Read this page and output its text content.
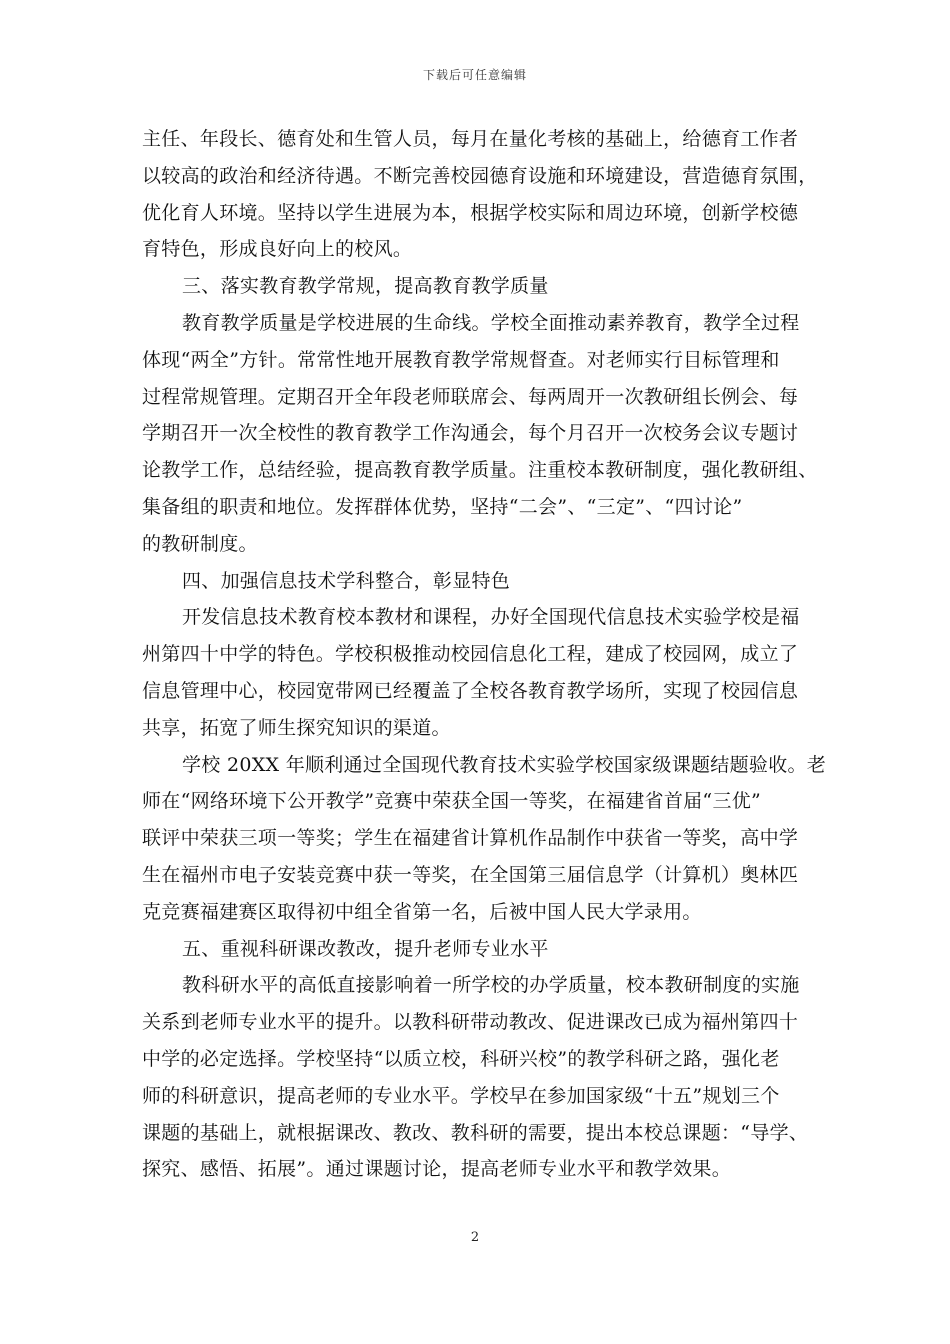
下载后可任意编辑
主任、年段长、德育处和生管人员，每月在量化考核的基础上，给德育工作者
以较高的政治和经济待遇。不断完善校园德育设施和环境建设，营造德育氛围，
优化育人环境。坚持以学生进展为本，根据学校实际和周边环境，创新学校德
育特色，形成良好向上的校风。
三、落实教育教学常规，提高教育教学质量
教育教学质量是学校进展的生命线。学校全面推动素养教育，教学全过程
体现“两全”方针。常常性地开展教育教学常规督查。对老师实行目标管理和
过程常规管理。定期召开全年段老师联席会、每两周开一次教研组长例会、每
学期召开一次全校性的教育教学工作沟通会，每个月召开一次校务会议专题讨
论教学工作，总结经验，提高教育教学质量。注重校本教研制度，强化教研组、
集备组的职责和地位。发挥群体优势，坚持“二会”、“三定”、“四讨论”
的教研制度。
四、加强信息技术学科整合，彰显特色
开发信息技术教育校本教材和课程，办好全国现代信息技术实验学校是福
州第四十中学的特色。学校积极推动校园信息化工程，建成了校园网，成立了
信息管理中心，校园宽带网已经覆盖了全校各教育教学场所，实现了校园信息
共享，拓宽了师生探究知识的渠道。
学校 20XX 年顺利通过全国现代教育技术实验学校国家级课题结题验收。老
师在“网络环境下公开教学”竞赛中荣获全国一等奖，在福建省首届“三优”
联评中荣获三项一等奖；学生在福建省计算机作品制作中获省一等奖，高中学
生在福州市电子安装竞赛中获一等奖，在全国第三届信息学（计算机）奥林匹
克竞赛福建赛区取得初中组全省第一名，后被中国人民大学录用。
五、重视科研课改教改，提升老师专业水平
教科研水平的高低直接影响着一所学校的办学质量，校本教研制度的实施
关系到老师专业水平的提升。以教科研带动教改、促进课改已成为福州第四十
中学的必定选择。学校坚持“以质立校，科研兴校”的教学科研之路，强化老
师的科研意识，提高老师的专业水平。学校早在参加国家级“十五”规划三个
课题的基础上，就根据课改、教改、教科研的需要，提出本校总课题：“导学、
探究、感悟、拓展”。通过课题讨论，提高老师专业水平和教学效果。
2
